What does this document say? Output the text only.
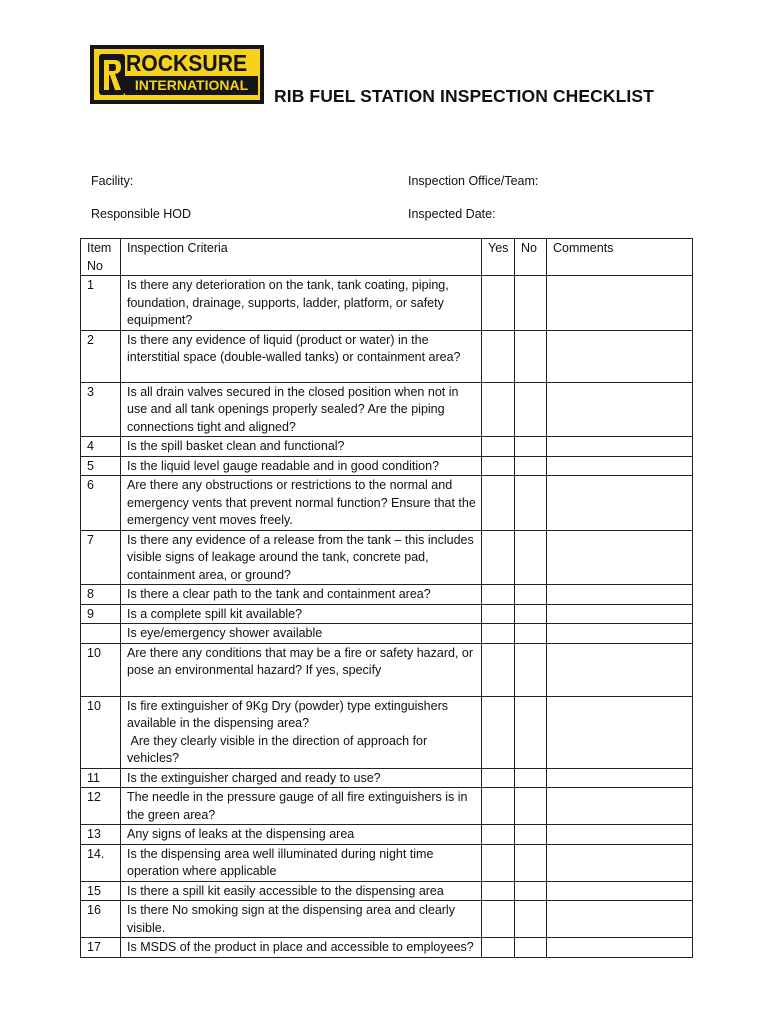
ROCKSURE
INTERNATIONAL
RIB FUEL STATION INSPECTION CHECKLIST
Facility:	Inspection Office/Team:
Responsible HOD	Inspected Date:
Item
No	Inspection Criteria	Yes	No	Comments
1	Is there any deterioration on the tank, tank coating, piping, foundation, drainage, supports, ladder, platform, or safety equipment?			
2	Is there any evidence of liquid (product or water) in the interstitial space (double-walled tanks) or containment area?			
3	Is all drain valves secured in the closed position when not in use and all tank openings properly sealed? Are the piping connections tight and aligned?			
4	Is the spill basket clean and functional?			
5	Is the liquid level gauge readable and in good condition?			
6	Are there any obstructions or restrictions to the normal and emergency vents that prevent normal function? Ensure that the emergency vent moves freely.			
7	Is there any evidence of a release from the tank – this includes visible signs of leakage around the tank, concrete pad, containment area, or ground?			
8	Is there a clear path to the tank and containment area?			
9	Is a complete spill kit available?			
	Is eye/emergency shower available			
10	Are there any conditions that may be a fire or safety hazard, or pose an environmental hazard? If yes, specify			
10	Is fire extinguisher of 9Kg Dry (powder) type extinguishers available in the dispensing area?
Are they clearly visible in the direction of approach for vehicles?			

11	Is the extinguisher charged and ready to use?			
12	The needle in the pressure gauge of all fire extinguishers is in the green area?			
13	Any signs of leaks at the dispensing area			
14.	Is the dispensing area well illuminated during night time operation where applicable			
15	Is there a spill kit easily accessible to the dispensing area			
16	Is there No smoking sign at the dispensing area and clearly visible.			
17	Is MSDS of the product in place and accessible to employees?			
